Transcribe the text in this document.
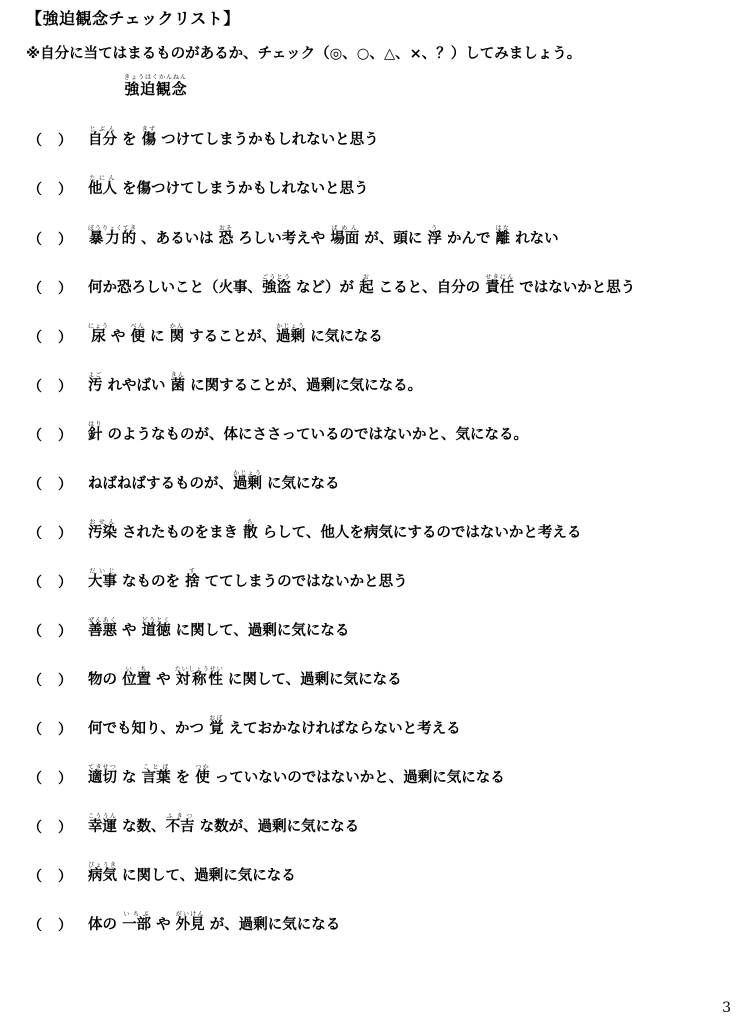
【強迫観念チェックリスト】
※自分に当てはまるものがあるか、チェック（◎、○、△、×、？）してみましょう。
強迫観念きょうはくかんねん
（ ） 自分じぶん を 傷きず つけてしまうかもしれないと思う
（ ） 他人たにん を傷つけてしまうかもしれないと思う
（ ） 暴力的ぼうりょくてき 、あるいは 恐おそ ろしい考えや 場面ばめん が、頭に 浮う かんで 離はな れない
（ ） 何か恐ろしいこと（火事、強盗ごうとう など）が 起お こると、自分の 責任せきにん ではないかと思う
（ ） 尿にょう や 便べん に 関かん することが、過剰かじょう に気になる
（ ） 汚よご れやばい 菌きん に関することが、過剰に気になる。
（ ） 針はり のようなものが、体にささっているのではないかと、気になる。
（ ） ねばねばするものが、過剰かじょう に気になる
（ ） 汚染おせん されたものをまき 散ち らして、他人を病気にするのではないかと考える
（ ） 大事だいじ なものを 捨す ててしまうのではないかと思う
（ ） 善悪ぜんあく や 道徳どうとく に関して、過剰に気になる
（ ） 物の 位置いち や 対称性たいしょうせい に関して、過剰に気になる
（ ） 何でも知り、かつ 覚おぼ えておかなければならないと考える
（ ） 適切てきせつ な 言葉ことば を 使つか っていないのではないかと、過剰に気になる
（ ） 幸運こううん な数、不吉ふきつ な数が、過剰に気になる
（ ） 病気びょうき に関して、過剰に気になる
（ ） 体の 一部いちぶ や 外見がいけん が、過剰に気になる
3
